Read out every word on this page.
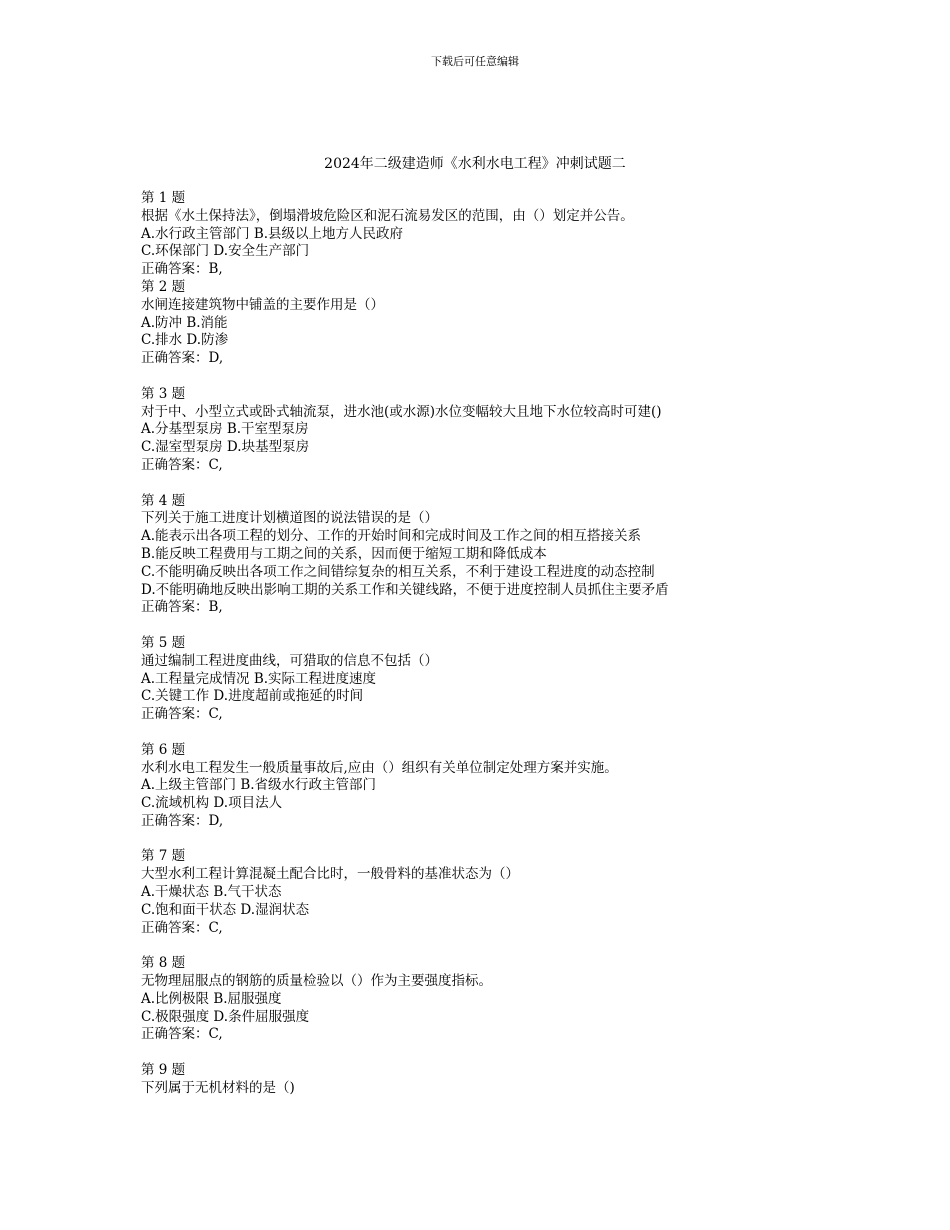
下载后可任意编辑
2024年二级建造师《水利水电工程》冲刺试题二
第 1 题
根据《水土保持法》，倒塌滑坡危险区和泥石流易发区的范围，由（）划定并公告。
A.水行政主管部门 B.县级以上地方人民政府
C.环保部门 D.安全生产部门
正确答案：B,
第 2 题
水闸连接建筑物中铺盖的主要作用是（）
A.防冲 B.消能
C.排水 D.防渗
正确答案：D,
第 3 题
对于中、小型立式或卧式轴流泵，进水池(或水源)水位变幅较大且地下水位较高时可建()
A.分基型泵房 B.干室型泵房
C.湿室型泵房 D.块基型泵房
正确答案：C,
第 4 题
下列关于施工进度计划横道图的说法错误的是（）
A.能表示出各项工程的划分、工作的开始时间和完成时间及工作之间的相互搭接关系
B.能反映工程费用与工期之间的关系，因而便于缩短工期和降低成本
C.不能明确反映出各项工作之间错综复杂的相互关系，不利于建设工程进度的动态控制
D.不能明确地反映出影响工期的关系工作和关键线路，不便于进度控制人员抓住主要矛盾
正确答案：B,
第 5 题
通过编制工程进度曲线，可猎取的信息不包括（）
A.工程量完成情况 B.实际工程进度速度
C.关键工作 D.进度超前或拖延的时间
正确答案：C,
第 6 题
水利水电工程发生一般质量事故后,应由（）组织有关单位制定处理方案并实施。
A.上级主管部门 B.省级水行政主管部门
C.流域机构 D.项目法人
正确答案：D,
第 7 题
大型水利工程计算混凝土配合比时，一般骨料的基准状态为（）
A.干燥状态 B.气干状态
C.饱和面干状态 D.湿润状态
正确答案：C,
第 8 题
无物理屈服点的钢筋的质量检验以（）作为主要强度指标。
A.比例极限 B.屈服强度
C.极限强度 D.条件屈服强度
正确答案：C,
第 9 题
下列属于无机材料的是（)
